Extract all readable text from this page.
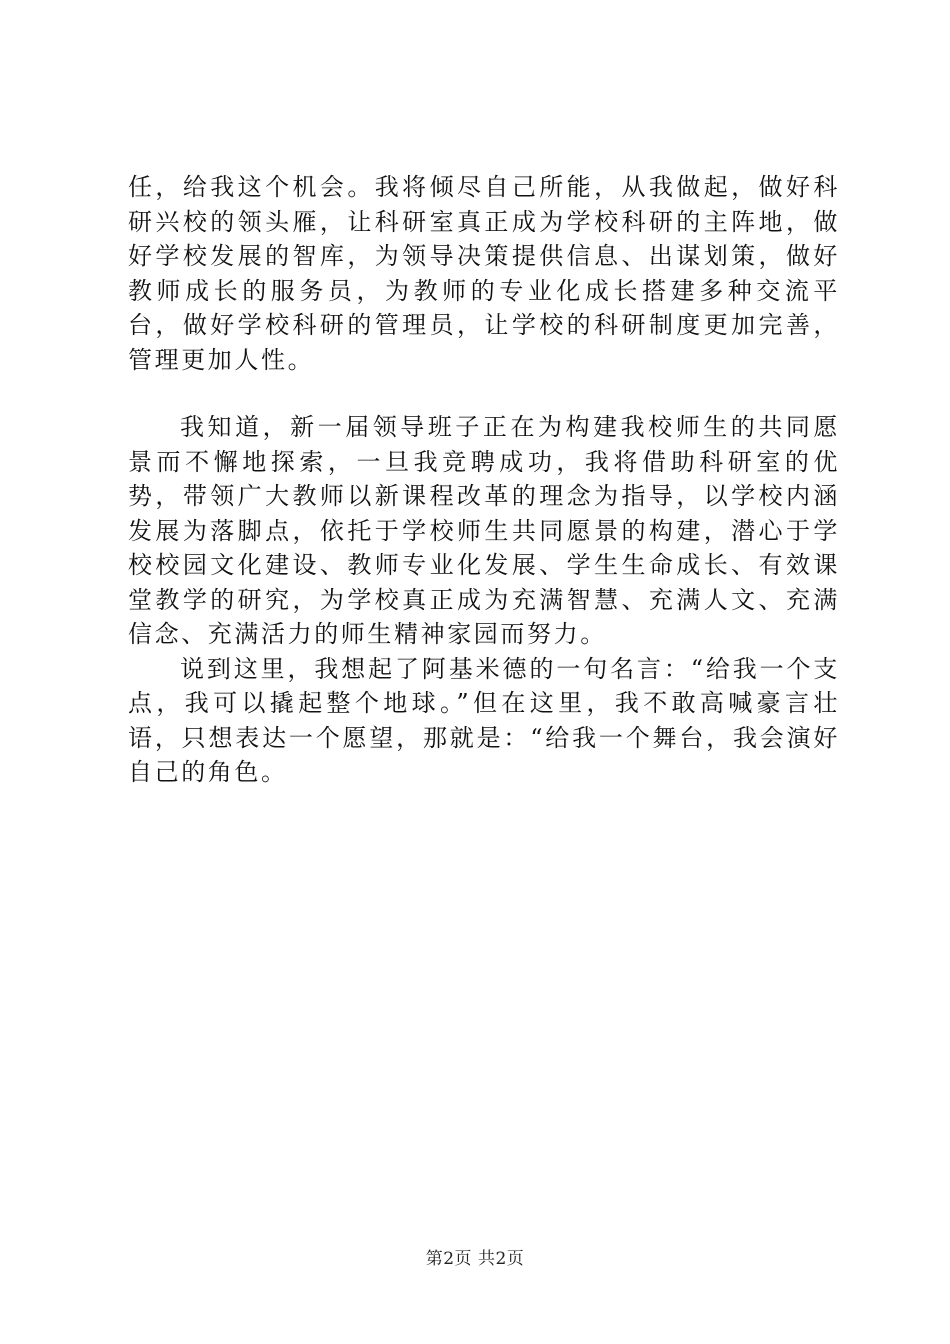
任，给我这个机会。我将倾尽自己所能，从我做起，做好科研兴校的领头雁，让科研室真正成为学校科研的主阵地，做好学校发展的智库，为领导决策提供信息、出谋划策，做好教师成长的服务员，为教师的专业化成长搭建多种交流平台，做好学校科研的管理员，让学校的科研制度更加完善，管理更加人性。

我知道，新一届领导班子正在为构建我校师生的共同愿景而不懈地探索，一旦我竞聘成功，我将借助科研室的优势，带领广大教师以新课程改革的理念为指导，以学校内涵发展为落脚点，依托于学校师生共同愿景的构建，潜心于学校校园文化建设、教师专业化发展、学生生命成长、有效课堂教学的研究，为学校真正成为充满智慧、充满人文、充满信念、充满活力的师生精神家园而努力。

说到这里，我想起了阿基米德的一句名言：“给我一个支点，我可以撬起整个地球。”但在这里，我不敢高喊豪言壮语，只想表达一个愿望，那就是：“给我一个舞台，我会演好自己的角色。

第2页 共2页
